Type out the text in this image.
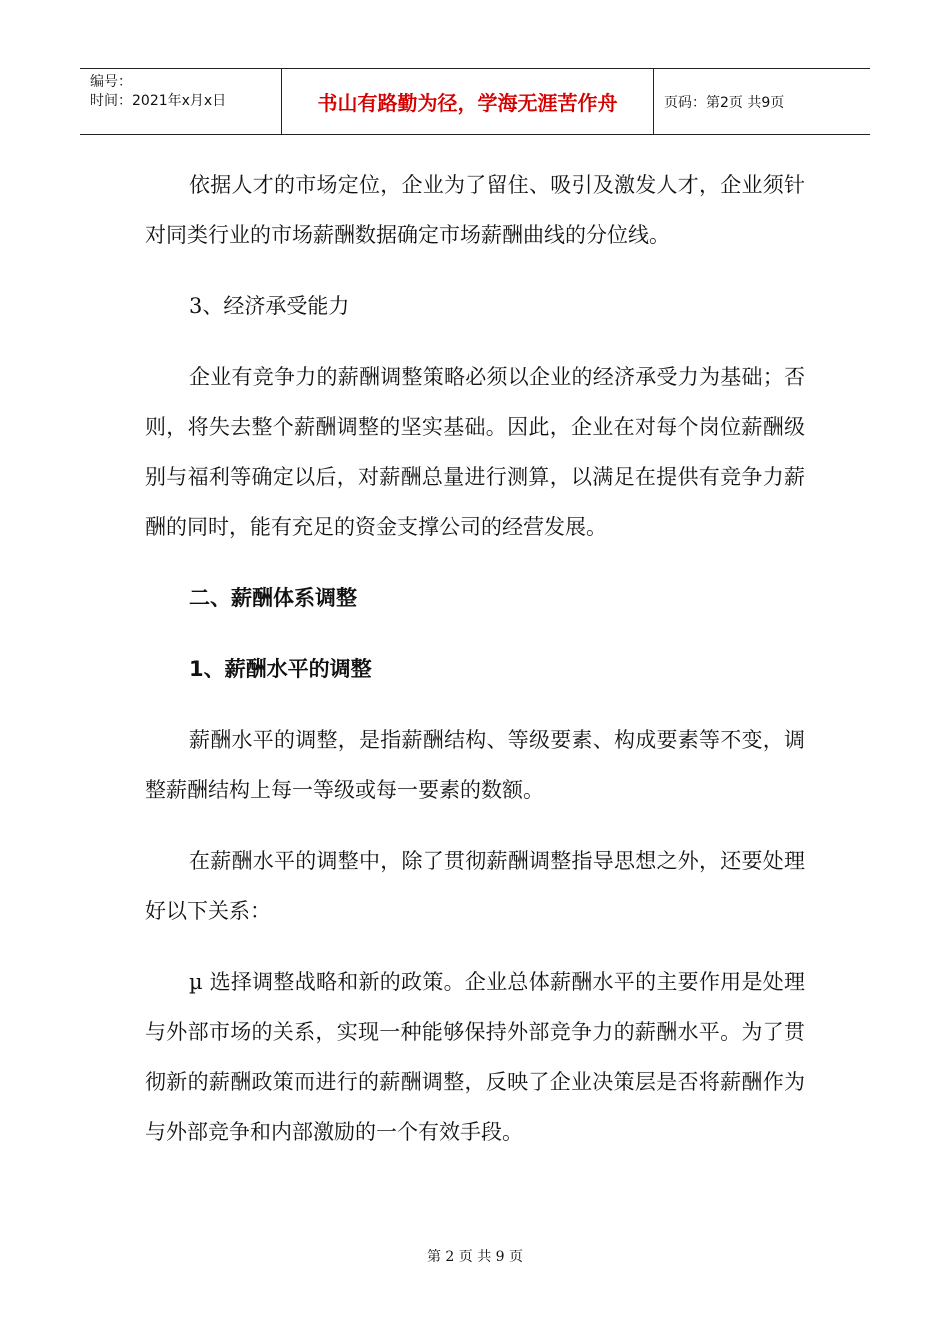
编号：
时间：2021年x月x日	书山有路勤为径，学海无涯苦作舟	页码：第2页 共9页

依据人才的市场定位，企业为了留住、吸引及激发人才，企业须针对同类行业的市场薪酬数据确定市场薪酬曲线的分位线。

3、经济承受能力

企业有竞争力的薪酬调整策略必须以企业的经济承受力为基础；否则，将失去整个薪酬调整的坚实基础。因此，企业在对每个岗位薪酬级别与福利等确定以后，对薪酬总量进行测算，以满足在提供有竞争力薪酬的同时，能有充足的资金支撑公司的经营发展。

二、薪酬体系调整

1、薪酬水平的调整

薪酬水平的调整，是指薪酬结构、等级要素、构成要素等不变，调整薪酬结构上每一等级或每一要素的数额。

在薪酬水平的调整中，除了贯彻薪酬调整指导思想之外，还要处理好以下关系：

µ 选择调整战略和新的政策。企业总体薪酬水平的主要作用是处理与外部市场的关系，实现一种能够保持外部竞争力的薪酬水平。为了贯彻新的薪酬政策而进行的薪酬调整，反映了企业决策层是否将薪酬作为与外部竞争和内部激励的一个有效手段。

第 2 页 共 9 页
